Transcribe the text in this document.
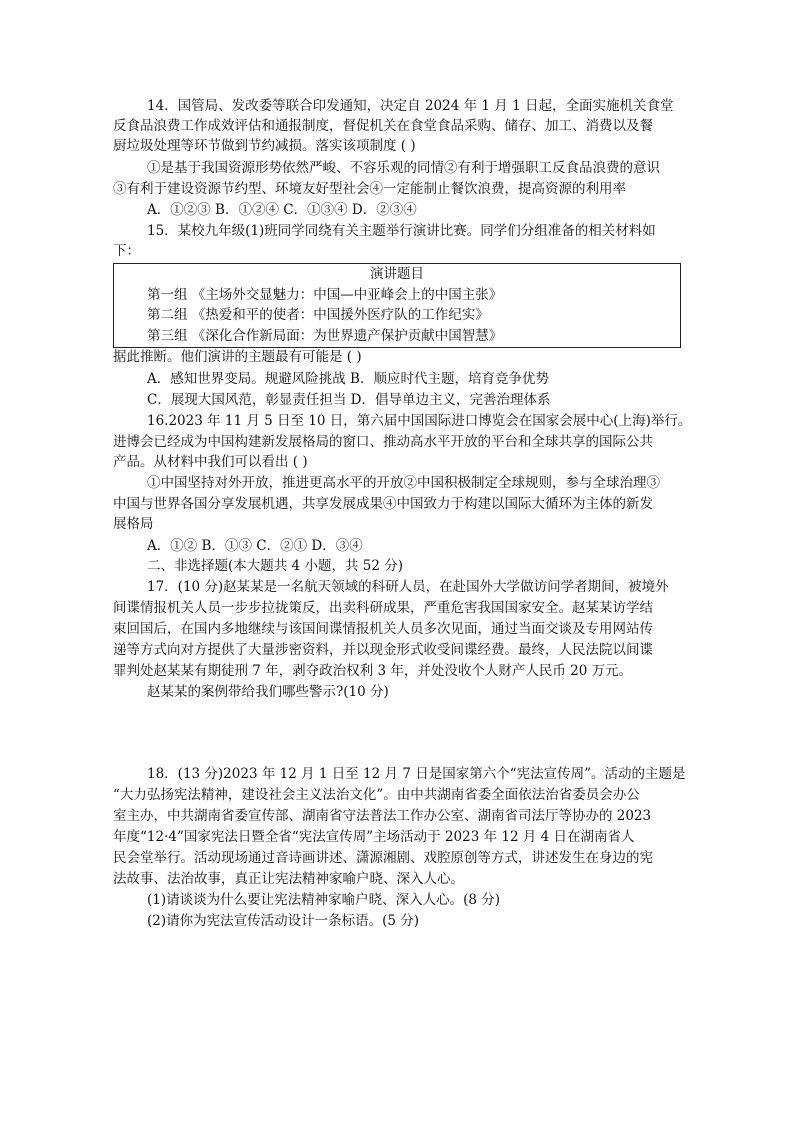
14．国管局、发改委等联合印发通知，决定自 2024 年 1 月 1 日起，全面实施机关食堂
反食品浪费工作成效评估和通报制度，督促机关在食堂食品采购、储存、加工、消费以及餐
厨垃圾处理等环节做到节约减损。落实该项制度 ( )
①是基于我国资源形势依然严峻、不容乐观的同情②有利于增强职工反食品浪费的意识
③有利于建设资源节约型、环境友好型社会④一定能制止餐饮浪费，提高资源的利用率
A．①②③ B．①②④ C．①③④ D．②③④
15．某校九年级(1)班同学同绕有关主题举行演讲比赛。同学们分组准备的相关材料如
下：
演讲题目
第一组 《主场外交显魅力：中国—中亚峰会上的中国主张》
第二组 《热爱和平的使者：中国援外医疗队的工作纪实》
第三组 《深化合作新局面：为世界遗产保护贡献中国智慧》
据此推断。他们演讲的主题最有可能是 ( )
A．感知世界变局。规避风险挑战 B．顺应时代主题，培育竞争优势
C．展现大国风范，彰显责任担当 D．倡导单边主义，完善治理体系
16.2023 年 11 月 5 日至 10 日，第六届中国国际进口博览会在国家会展中心(上海)举行。
进博会已经成为中国构建新发展格局的窗口、推动高水平开放的平台和全球共享的国际公共
产品。从材料中我们可以看出 ( )
①中国坚持对外开放，推进更高水平的开放②中国积极制定全球规则，参与全球治理③
中国与世界各国分享发展机遇，共享发展成果④中国致力于构建以国际大循环为主体的新发
展格局
A．①② B．①③ C．②① D．③④
二、非选择题(本大题共 4 小题，共 52 分)
17．(10 分)赵某某是一名航天领域的科研人员，在赴国外大学做访问学者期间，被境外
间谍情报机关人员一步步拉拢策反，出卖科研成果，严重危害我国国家安全。赵某某访学结
束回国后，在国内多地继续与该国间谍情报机关人员多次见面，通过当面交谈及专用网站传
递等方式向对方提供了大量涉密资料，并以现金形式收受间谍经费。最终，人民法院以间谍
罪判处赵某某有期徒刑 7 年，剥夺政治权利 3 年，并处没收个人财产人民币 20 万元。
赵某某的案例带给我们哪些警示?(10 分)
18．(13 分)2023 年 12 月 1 日至 12 月 7 日是国家第六个“宪法宣传周”。活动的主题是
“大力弘扬宪法精神，建设社会主义法治文化”。由中共湖南省委全面依法治省委员会办公
室主办，中共湖南省委宣传部、湖南省守法普法工作办公室、湖南省司法厅等协办的 2023
年度“12·4”国家宪法日暨全省“宪法宣传周”主场活动于 2023 年 12 月 4 日在湖南省人
民会堂举行。活动现场通过音诗画讲述、潇源湘剧、戏腔原创等方式，讲述发生在身边的宪
法故事、法治故事，真正让宪法精神家喻户晓、深入人心。
(1)请谈谈为什么要让宪法精神家喻户晓、深入人心。(8 分)
(2)请你为宪法宣传活动设计一条标语。(5 分)
